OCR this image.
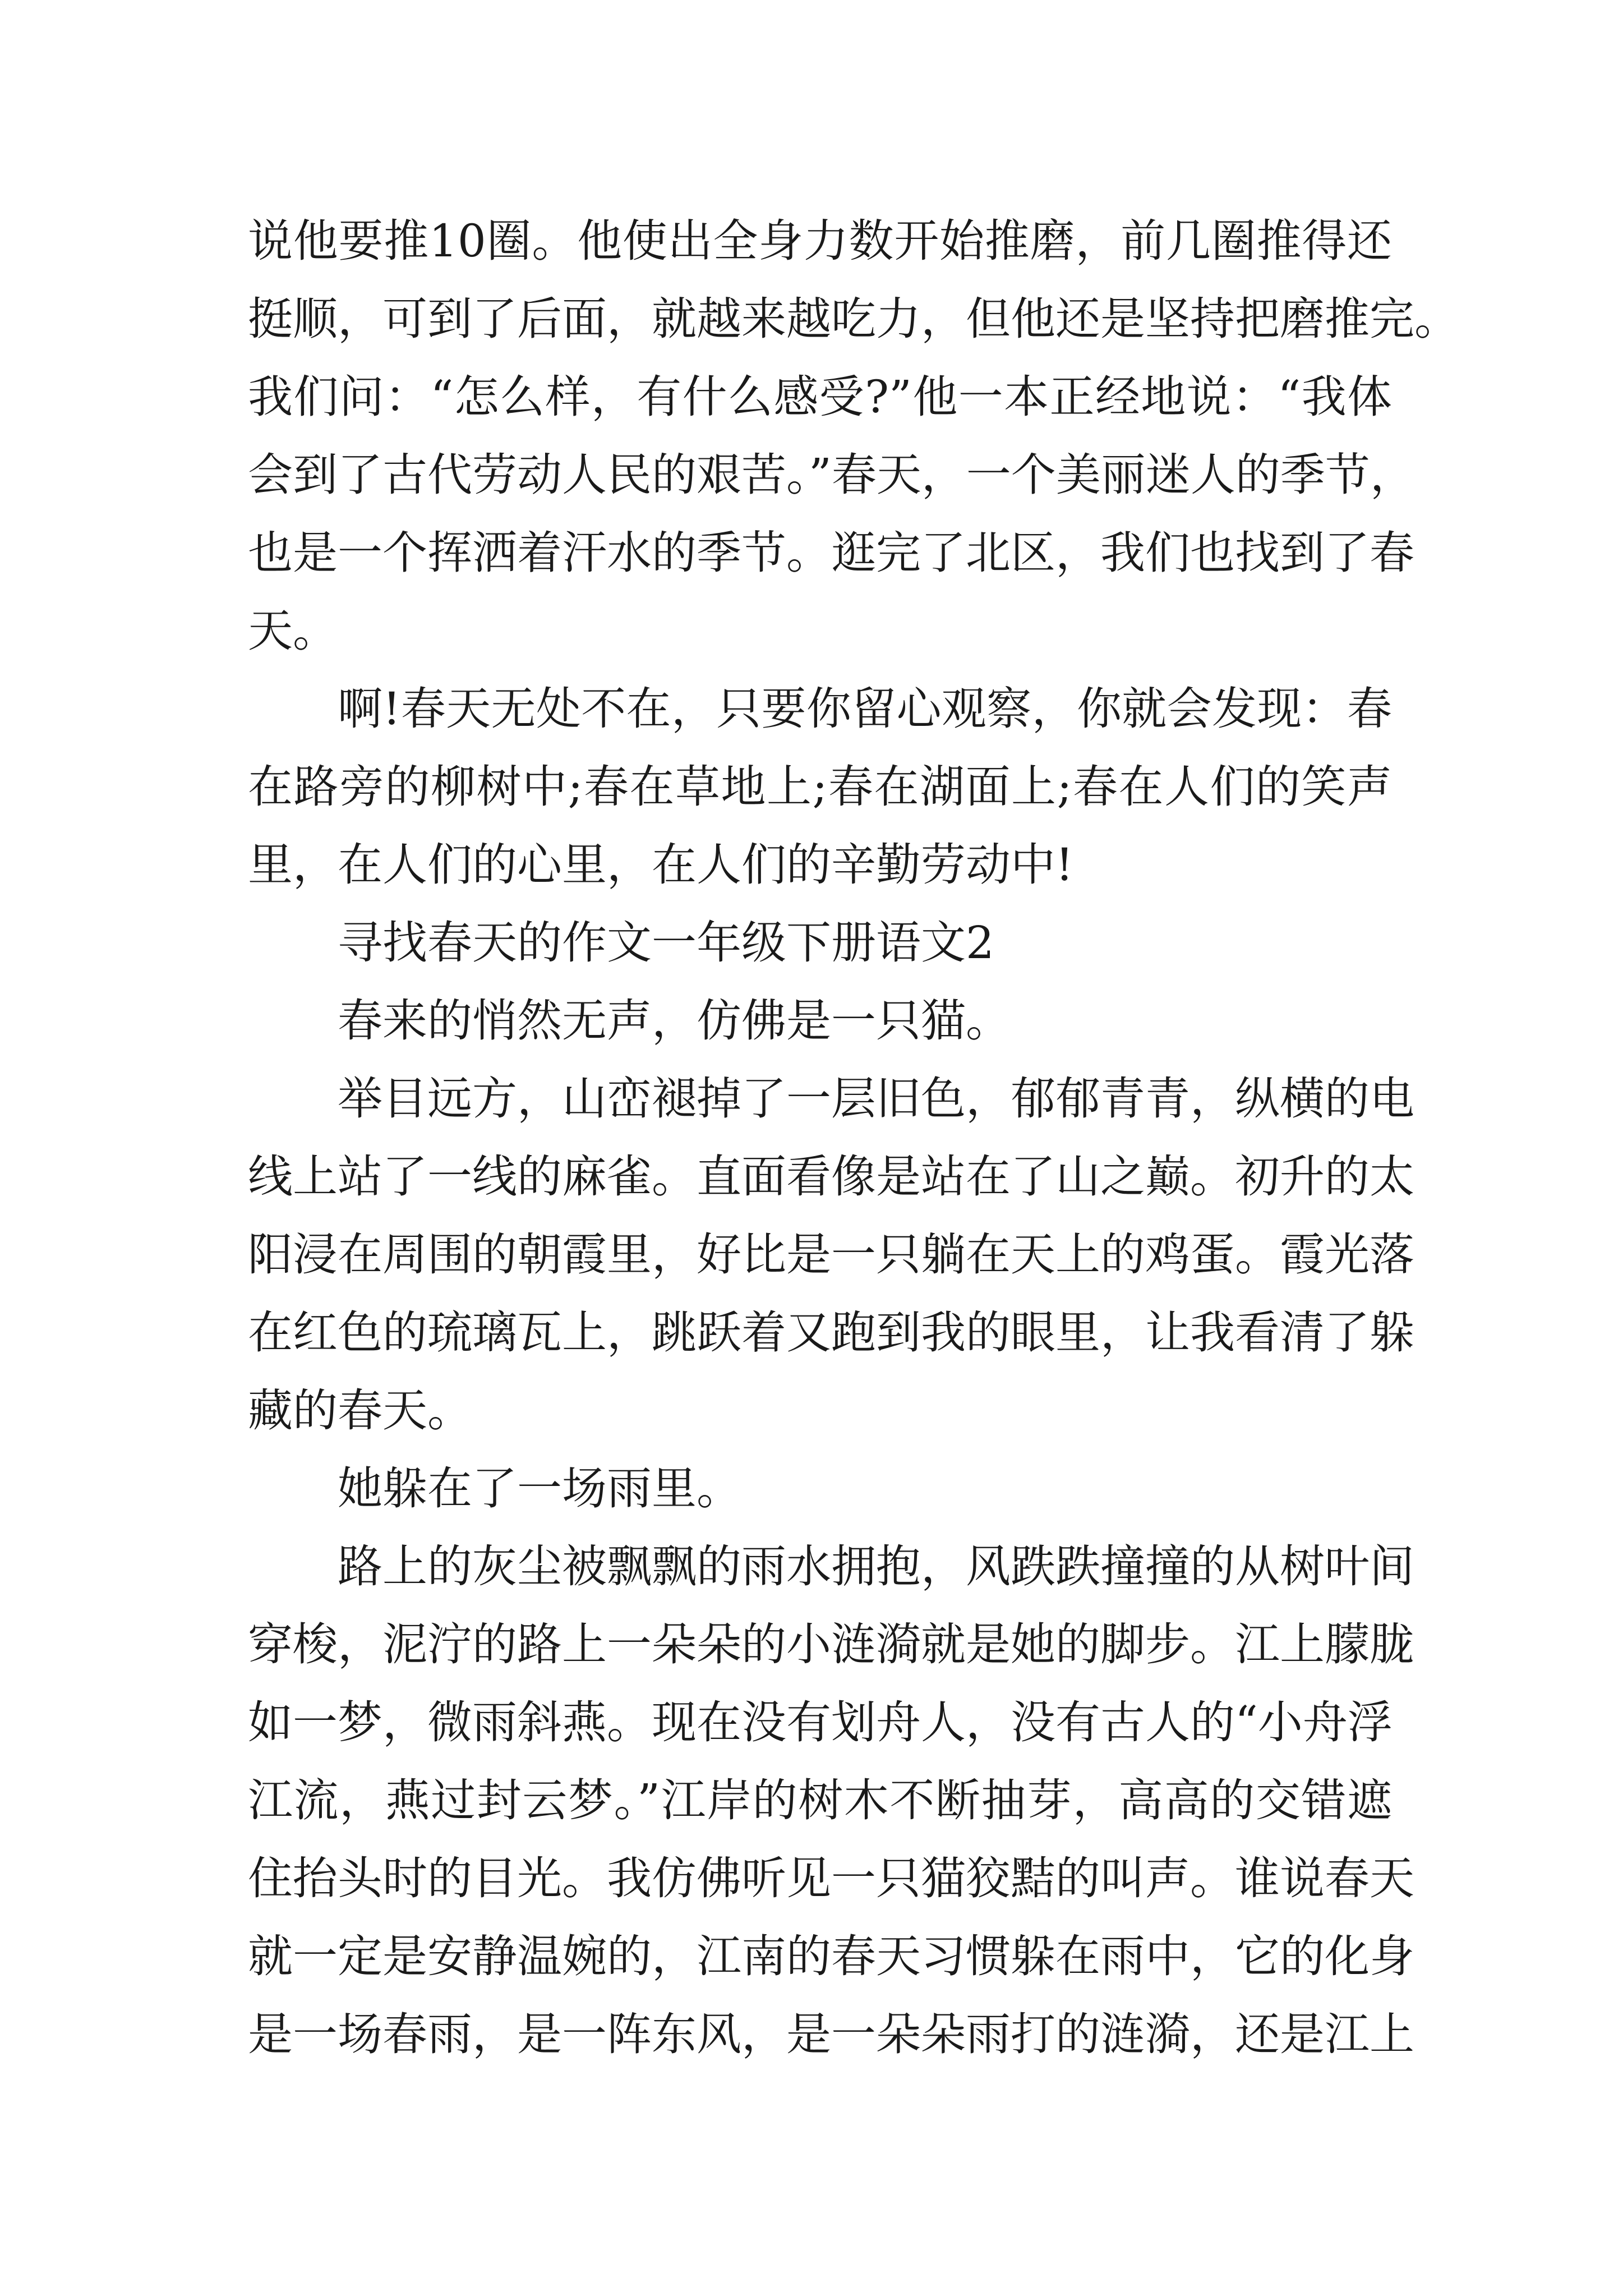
说他要推10圈。他使出全身力数开始推磨，前几圈推得还
挺顺，可到了后面，就越来越吃力，但他还是坚持把磨推完。
我们问：“怎么样，有什么感受?”他一本正经地说：“我体
会到了古代劳动人民的艰苦。”春天，一个美丽迷人的季节，
也是一个挥洒着汗水的季节。逛完了北区，我们也找到了春
天。
啊!春天无处不在，只要你留心观察，你就会发现：春
在路旁的柳树中;春在草地上;春在湖面上;春在人们的笑声
里，在人们的心里，在人们的辛勤劳动中!
寻找春天的作文一年级下册语文2
春来的悄然无声，仿佛是一只猫。
举目远方，山峦褪掉了一层旧色，郁郁青青，纵横的电
线上站了一线的麻雀。直面看像是站在了山之巅。初升的太
阳浸在周围的朝霞里，好比是一只躺在天上的鸡蛋。霞光落
在红色的琉璃瓦上，跳跃着又跑到我的眼里，让我看清了躲
藏的春天。
她躲在了一场雨里。
路上的灰尘被飘飘的雨水拥抱，风跌跌撞撞的从树叶间
穿梭，泥泞的路上一朵朵的小涟漪就是她的脚步。江上朦胧
如一梦，微雨斜燕。现在没有划舟人，没有古人的“小舟浮
江流，燕过封云梦。”江岸的树木不断抽芽，高高的交错遮
住抬头时的目光。我仿佛听见一只猫狡黠的叫声。谁说春天
就一定是安静温婉的，江南的春天习惯躲在雨中，它的化身
是一场春雨，是一阵东风，是一朵朵雨打的涟漪，还是江上
